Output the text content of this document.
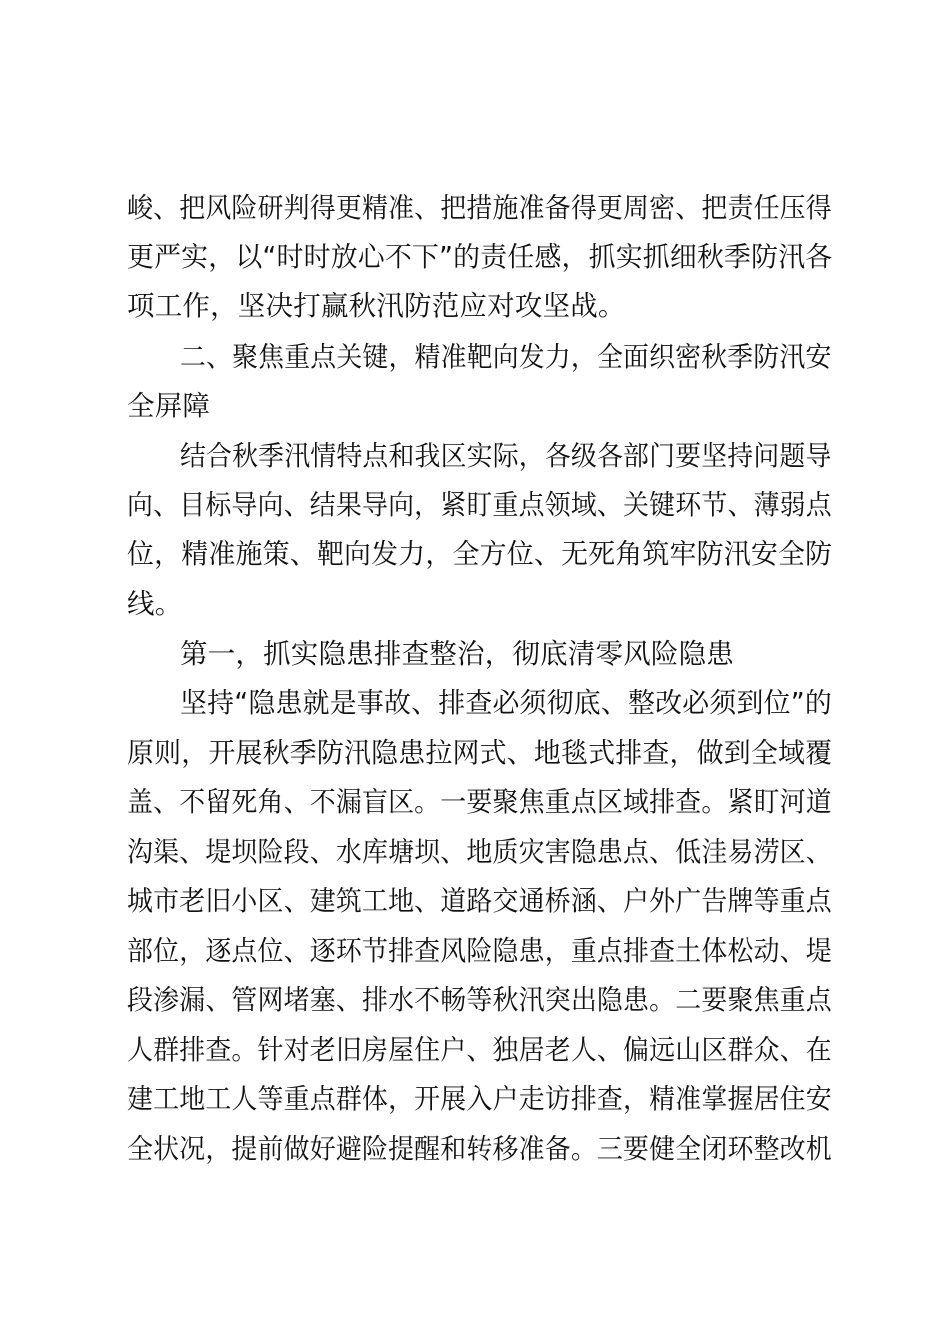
峻、把风险研判得更精准、把措施准备得更周密、把责任压得
更严实，以“时时放心不下”的责任感，抓实抓细秋季防汛各
项工作，坚决打赢秋汛防范应对攻坚战。
二、聚焦重点关键，精准靶向发力，全面织密秋季防汛安
全屏障
结合秋季汛情特点和我区实际，各级各部门要坚持问题导
向、目标导向、结果导向，紧盯重点领域、关键环节、薄弱点
位，精准施策、靶向发力，全方位、无死角筑牢防汛安全防
线。
第一，抓实隐患排查整治，彻底清零风险隐患
坚持“隐患就是事故、排查必须彻底、整改必须到位”的
原则，开展秋季防汛隐患拉网式、地毯式排查，做到全域覆
盖、不留死角、不漏盲区。一要聚焦重点区域排查。紧盯河道
沟渠、堤坝险段、水库塘坝、地质灾害隐患点、低洼易涝区、
城市老旧小区、建筑工地、道路交通桥涵、户外广告牌等重点
部位，逐点位、逐环节排查风险隐患，重点排查土体松动、堤
段渗漏、管网堵塞、排水不畅等秋汛突出隐患。二要聚焦重点
人群排查。针对老旧房屋住户、独居老人、偏远山区群众、在
建工地工人等重点群体，开展入户走访排查，精准掌握居住安
全状况，提前做好避险提醒和转移准备。三要健全闭环整改机
